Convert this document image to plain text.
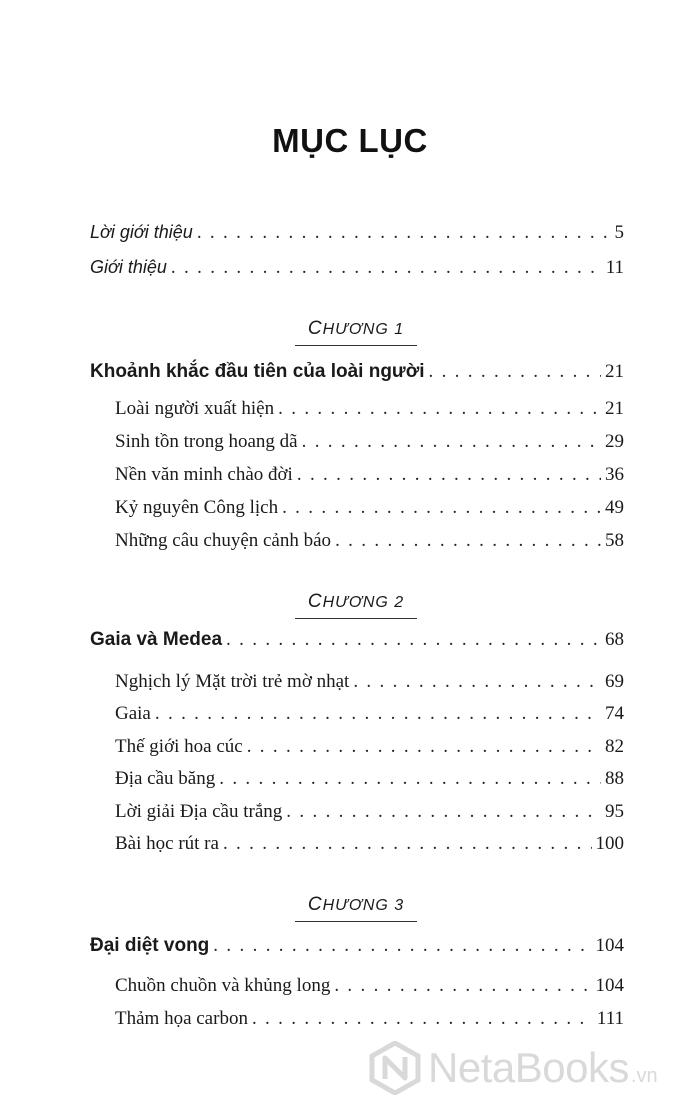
MỤC LỤC
Lời giới thiệu . . .	5
Giới thiệu . . .	11
CHƯƠNG 1
Khoảnh khắc đầu tiên của loài người . . .	21
Loài người xuất hiện . . .	21
Sinh tồn trong hoang dã . . .	29
Nền văn minh chào đời . . .	36
Kỷ nguyên Công lịch . . .	49
Những câu chuyện cảnh báo . . .	58
CHƯƠNG 2
Gaia và Medea . . .	68
Nghịch lý Mặt trời trẻ mờ nhạt . . .	69
Gaia . . .	74
Thế giới hoa cúc . . .	82
Địa cầu băng . . .	88
Lời giải Địa cầu trắng . . .	95
Bài học rút ra . . .	100
CHƯƠNG 3
Đại diệt vong . . .	104
Chuồn chuồn và khủng long . . .	104
Thảm họa carbon . . .	111
NetaBooks .vn
